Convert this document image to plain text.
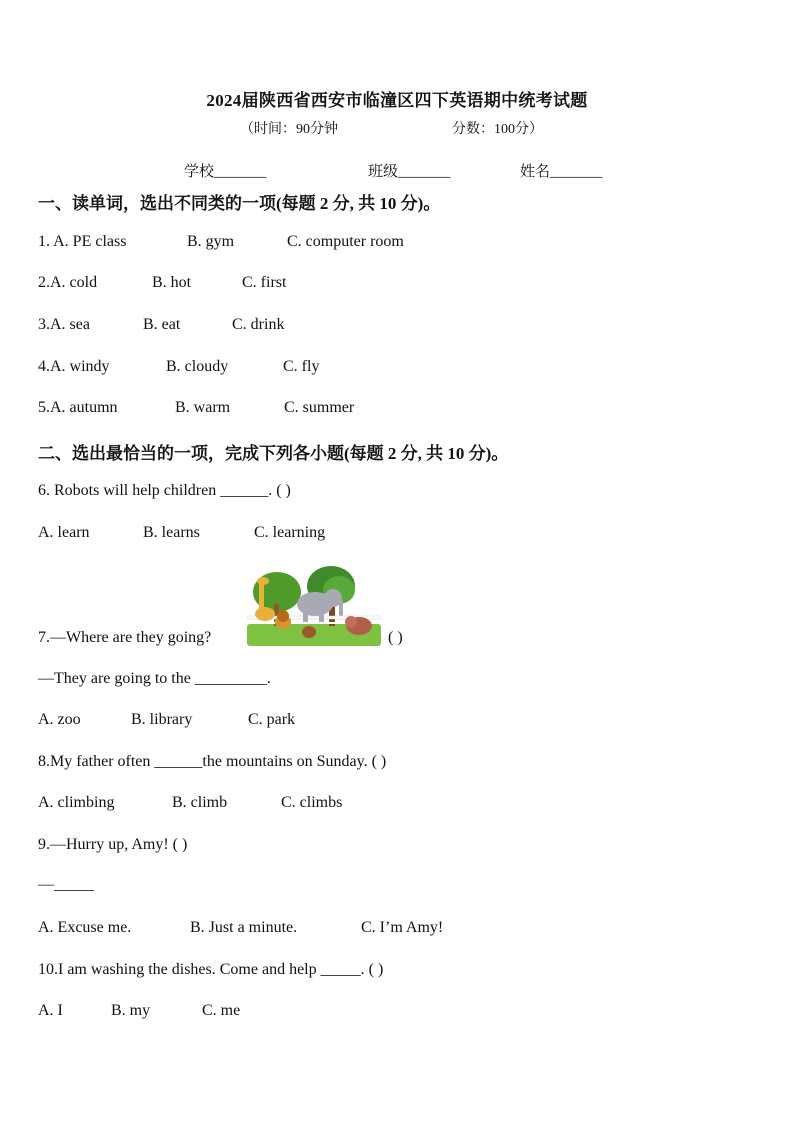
2024届陕西省西安市临潼区四下英语期中统考试题
（时间：90分钟	分数：100分）
学校_______	班级_______	姓名_______
一、读单词，选出不同类的一项(每题 2 分, 共 10 分)。
1. A. PE class	B. gym	C. computer room
2.A. cold	B. hot	C. first
3.A. sea	B. eat	C. drink
4.A. windy	B. cloudy	C. fly
5.A. autumn	B. warm	C. summer
二、选出最恰当的一项，完成下列各小题(每题 2 分, 共 10 分)。
6. Robots will help children ______. ( )
A. learn	B. learns	C. learning
7.—Where are they going?	( )
—They are going to the _________.
A. zoo	B. library	C. park
8.My father often ______the mountains on Sunday. ( )
A. climbing	B. climb	C. climbs
9.—Hurry up, Amy! ( )
—_____
A. Excuse me.	B. Just a minute.	C. I’m Amy!
10.I am washing the dishes. Come and help _____. ( )
A. I	B. my	C. me
